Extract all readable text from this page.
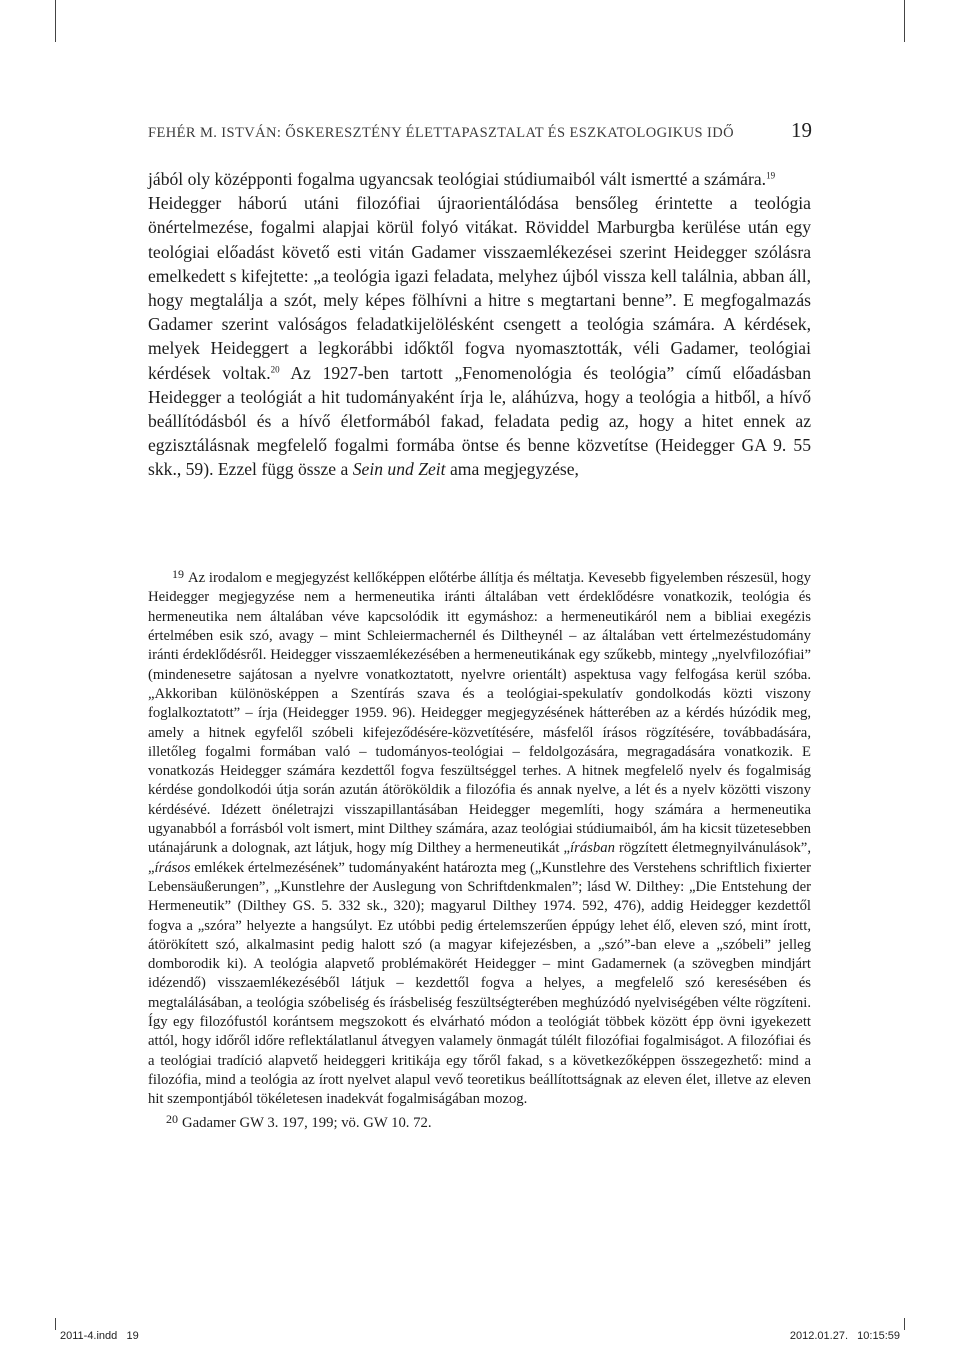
FEHÉR M. ISTVÁN: ŐSKERESZTÉNY ÉLETTAPASZTALAT ÉS ESZKATOLOGIKUS IDŐ	19

jából oly középponti fogalma ugyancsak teológiai stúdiumaiból vált ismertté a számára.$^{19}$

Heidegger háború utáni filozófiai újraorientálódása bensőleg érintette a teológia önértelmezése, fogalmi alapjai körül folyó vitákat. Röviddel Marburgba kerülése után egy teológiai előadást követő esti vitán Gadamer visszaemlékezései szerint Heidegger szólásra emelkedett s kifejtette: „a teológia igazi feladata, melyhez újból vissza kell találnia, abban áll, hogy megtalálja a szót, mely képes fölhívni a hitre s megtartani benne”. E megfogalmazás Gadamer szerint valóságos feladatkijelölésként csengett a teológia számára. A kérdések, melyek Heideggert a legkorábbi időktől fogva nyomasztották, véli Gadamer, teológiai kérdések voltak.$^{20}$ Az 1927-ben tartott „Fenomenológia és teológia” című előadásban Heidegger a teológiát a hit tudományaként írja le, aláhúzva, hogy a teológia a hitből, a hívő beállítódásból és a hívő életformából fakad, feladata pedig az, hogy a hitet ennek az egzisztálásnak megfelelő fogalmi formába öntse és benne közvetítse (Heidegger GA 9. 55 skk., 59). Ezzel függ össze a Sein und Zeit ama megjegyzése,

$^{19}$ Az irodalom e megjegyzést kellőképpen előtérbe állítja és méltatja. Kevesebb figyelemben részesül, hogy Heidegger megjegyzése nem a hermeneutika iránti általában vett érdeklődésre vonatkozik, teológia és hermeneutika nem általában véve kapcsolódik itt egymáshoz: a hermeneutikáról nem a bibliai exegézis értelmében esik szó, avagy – mint Schleiermachernél és Diltheynél – az általában vett értelmezéstudomány iránti érdeklődésről. Heidegger visszaemlékezésében a hermeneutikának egy szűkebb, mintegy „nyelvfilozófiai” (mindenesetre sajátosan a nyelvre vonatkoztatott, nyelvre orientált) aspektusa vagy felfogása kerül szóba. „Akkoriban különösképpen a Szentírás szava és a teológiai-spekulatív gondolkodás közti viszony foglalkoztatott” – írja (Heidegger 1959. 96). Heidegger megjegyzésének hátterében az a kérdés húzódik meg, amely a hitnek egyfelől szóbeli kifejeződésére-közvetítésére, másfelől írásos rögzítésére, továbbadására, illetőleg fogalmi formában való – tudományos-teológiai – feldolgozására, megragadására vonatkozik. E vonatkozás Heidegger számára kezdettől fogva feszültséggel terhes. A hitnek megfelelő nyelv és fogalmiság kérdése gondolkodói útja során azután átörököldik a filozófia és annak nyelve, a lét és a nyelv közötti viszony kérdésévé. Idézett önéletrajzi visszapillantásában Heidegger megemlíti, hogy számára a hermeneutika ugyanabból a forrásból volt ismert, mint Dilthey számára, azaz teológiai stúdiumaiból, ám ha kicsit tüzetesebben utánajárunk a dolognak, azt látjuk, hogy míg Dilthey a hermeneutikát „írásban rögzített életmegnyilvánulások”, „írásos emlékek értelmezésének” tudományaként határozta meg („Kunstlehre des Verstehens schriftlich fixierter Lebensäußerungen”, „Kunstlehre der Auslegung von Schriftdenkmalen”; lásd W. Dilthey: „Die Entstehung der Hermeneutik” (Dilthey GS. 5. 332 sk., 320); magyarul Dilthey 1974. 592, 476), addig Heidegger kezdettől fogva a „szóra” helyezte a hangsúlyt. Ez utóbbi pedig értelemszerűen éppúgy lehet élő, eleven szó, mint írott, átörökített szó, alkalmasint pedig halott szó (a magyar kifejezésben, a „szó”-ban eleve a „szóbeli” jelleg domborodik ki). A teológia alapvető problémakörét Heidegger – mint Gadamernek (a szövegben mindjárt idézendő) visszaemlékezéséből látjuk – kezdettől fogva a helyes, a megfelelő szó keresésében és megtalálásában, a teológia szóbeliség és írásbeliség feszültségterében meghúzódó nyelviségében vélte rögzíteni. Így egy filozófustól korántsem megszokott és elvárható módon a teológiát többek között épp övni igyekezett attól, hogy időről időre reflektálatlanul átvegyen valamely önmagát túlélt filozófiai fogalmiságot. A filozófiai és a teológiai tradíció alapvető heideggeri kritikája egy tőről fakad, s a következőképpen összegezhető: mind a filozófia, mind a teológia az írott nyelvet alapul vevő teoretikus beállítottságnak az eleven élet, illetve az eleven hit szempontjából tökéletesen inadekvát fogalmiságában mozog.

$^{20}$ Gadamer GW 3. 197, 199; vö. GW 10. 72.

2011-4.indd   19	2012.01.27.   10:15:59
